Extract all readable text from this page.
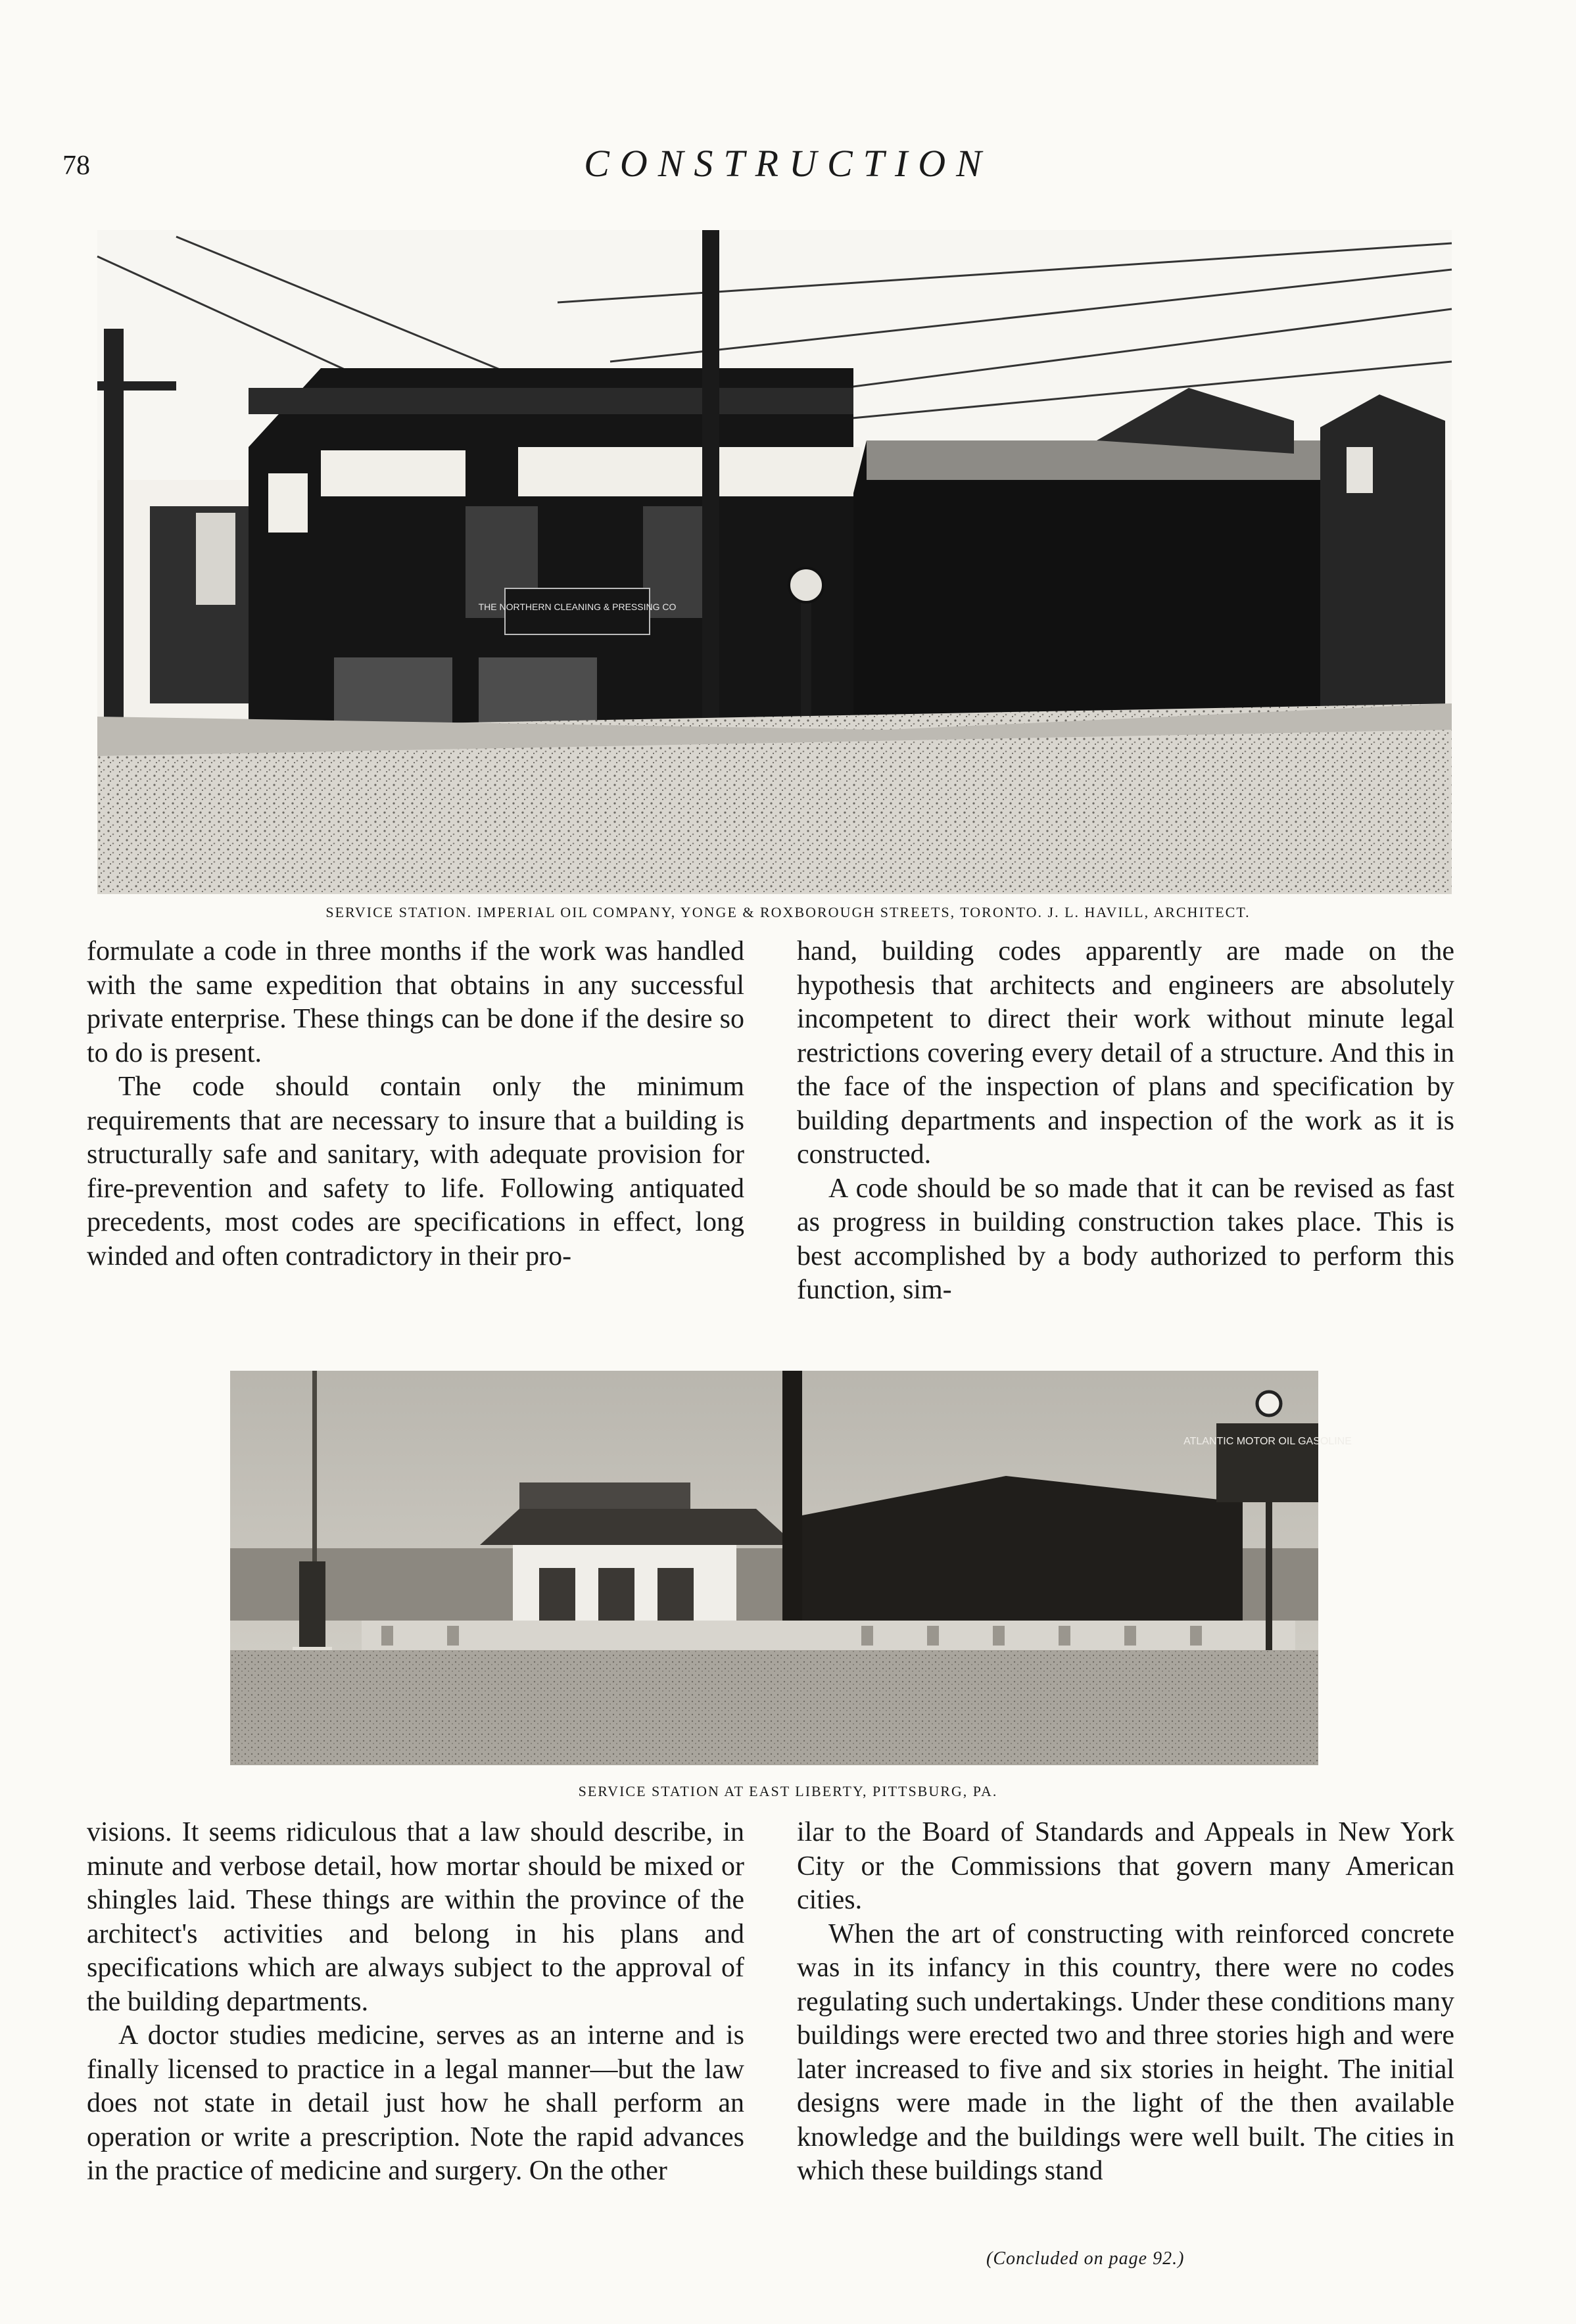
78	CONSTRUCTION
THE NORTHERN CLEANING & PRESSING CO
SERVICE STATION. IMPERIAL OIL COMPANY, YONGE & ROXBOROUGH STREETS, TORONTO. J. L. HAVILL, ARCHITECT.

formulate a code in three months if the work was handled with the same expedition that obtains in any successful private enterprise. These things can be done if the desire so to do is present.

The code should contain only the minimum requirements that are necessary to insure that a building is structurally safe and sanitary, with adequate provision for fire-prevention and safety to life. Following antiquated precedents, most codes are specifications in effect, long winded and often contradictory in their pro-

hand, building codes apparently are made on the hypothesis that architects and engineers are absolutely incompetent to direct their work without minute legal restrictions covering every detail of a structure. And this in the face of the inspection of plans and specification by building departments and inspection of the work as it is constructed.

A code should be so made that it can be revised as fast as progress in building construction takes place. This is best accomplished by a body authorized to perform this function, sim-

ATLANTIC MOTOR OIL GASOLINE
SERVICE STATION AT EAST LIBERTY, PITTSBURG, PA.

visions. It seems ridiculous that a law should describe, in minute and verbose detail, how mortar should be mixed or shingles laid. These things are within the province of the architect's activities and belong in his plans and specifications which are always subject to the approval of the building departments.

A doctor studies medicine, serves as an interne and is finally licensed to practice in a legal manner—but the law does not state in detail just how he shall perform an operation or write a prescription. Note the rapid advances in the practice of medicine and surgery. On the other

ilar to the Board of Standards and Appeals in New York City or the Commissions that govern many American cities.

When the art of constructing with reinforced concrete was in its infancy in this country, there were no codes regulating such undertakings. Under these conditions many buildings were erected two and three stories high and were later increased to five and six stories in height. The initial designs were made in the light of the then available knowledge and the buildings were well built. The cities in which these buildings stand

(Concluded on page 92.)
